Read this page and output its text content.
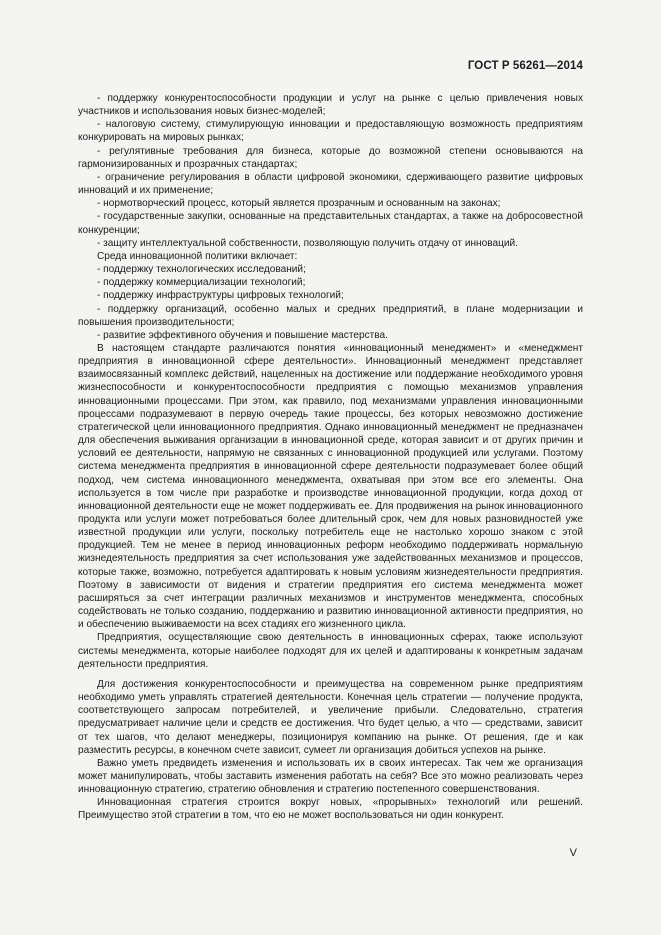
ГОСТ Р 56261—2014

- поддержку конкурентоспособности продукции и услуг на рынке с целью привлечения новых участников и использования новых бизнес-моделей;

- налоговую систему, стимулирующую инновации и предоставляющую возможность предприятиям конкурировать на мировых рынках;

- регулятивные требования для бизнеса, которые до возможной степени основываются на гармонизированных и прозрачных стандартах;

- ограничение регулирования в области цифровой экономики, сдерживающего развитие цифровых инноваций и их применение;

- нормотворческий процесс, который является прозрачным и основанным на законах;

- государственные закупки, основанные на представительных стандартах, а также на добросовестной конкуренции;

- защиту интеллектуальной собственности, позволяющую получить отдачу от инноваций.

Среда инновационной политики включает:

- поддержку технологических исследований;

- поддержку коммерциализации технологий;

- поддержку инфраструктуры цифровых технологий;

- поддержку организаций, особенно малых и средних предприятий, в плане модернизации и повышения производительности;

- развитие эффективного обучения и повышение мастерства.

В настоящем стандарте различаются понятия «инновационный менеджмент» и «менеджмент предприятия в инновационной сфере деятельности». Инновационный менеджмент представляет взаимосвязанный комплекс действий, нацеленных на достижение или поддержание необходимого уровня жизнеспособности и конкурентоспособности предприятия с помощью механизмов управления инновационными процессами. При этом, как правило, под механизмами управления инновационными процессами подразумевают в первую очередь такие процессы, без которых невозможно достижение стратегической цели инновационного предприятия. Однако инновационный менеджмент не предназначен для обеспечения выживания организации в инновационной среде, которая зависит и от других причин и условий ее деятельности, напрямую не связанных с инновационной продукцией или услугами. Поэтому система менеджмента предприятия в инновационной сфере деятельности подразумевает более общий подход, чем система инновационного менеджмента, охватывая при этом все его элементы. Она используется в том числе при разработке и производстве инновационной продукции, когда доход от инновационной деятельности еще не может поддерживать ее. Для продвижения на рынок инновационного продукта или услуги может потребоваться более длительный срок, чем для новых разновидностей уже известной продукции или услуги, поскольку потребитель еще не настолько хорошо знаком с этой продукцией. Тем не менее в период инновационных реформ необходимо поддерживать нормальную жизнедеятельность предприятия за счет использования уже задействованных механизмов и процессов, которые также, возможно, потребуется адаптировать к новым условиям жизнедеятельности предприятия. Поэтому в зависимости от видения и стратегии предприятия его система менеджмента может расширяться за счет интеграции различных механизмов и инструментов менеджмента, способных содействовать не только созданию, поддержанию и развитию инновационной активности предприятия, но и обеспечению выживаемости на всех стадиях его жизненного цикла.

Предприятия, осуществляющие свою деятельность в инновационных сферах, также используют системы менеджмента, которые наиболее подходят для их целей и адаптированы к конкретным задачам деятельности предприятия.

Для достижения конкурентоспособности и преимущества на современном рынке предприятиям необходимо уметь управлять стратегией деятельности. Конечная цель стратегии — получение продукта, соответствующего запросам потребителей, и увеличение прибыли. Следовательно, стратегия предусматривает наличие цели и средств ее достижения. Что будет целью, а что — средствами, зависит от тех шагов, что делают менеджеры, позиционируя компанию на рынке. От решения, где и как разместить ресурсы, в конечном счете зависит, сумеет ли организация добиться успехов на рынке.

Важно уметь предвидеть изменения и использовать их в своих интересах. Так чем же организация может манипулировать, чтобы заставить изменения работать на себя? Все это можно реализовать через инновационную стратегию, стратегию обновления и стратегию постепенного совершенствования.

Инновационная стратегия строится вокруг новых, «прорывных» технологий или решений. Преимущество этой стратегии в том, что ею не может воспользоваться ни один конкурент.

V
